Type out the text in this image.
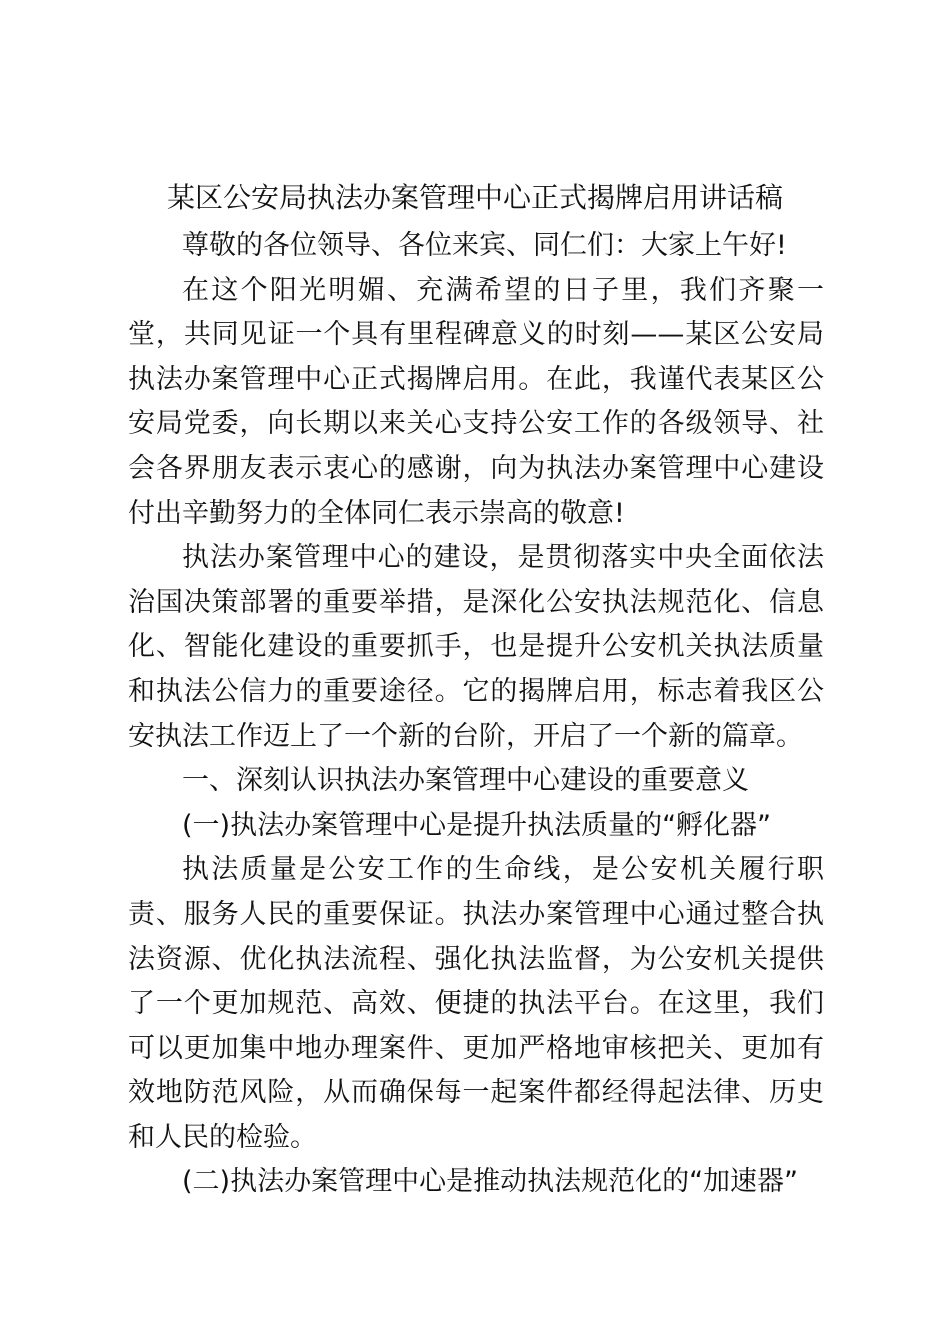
某区公安局执法办案管理中心正式揭牌启用讲话稿

尊敬的各位领导、各位来宾、同仁们：大家上午好!

在这个阳光明媚、充满希望的日子里，我们齐聚一堂，共同见证一个具有里程碑意义的时刻——某区公安局执法办案管理中心正式揭牌启用。在此，我谨代表某区公安局党委，向长期以来关心支持公安工作的各级领导、社会各界朋友表示衷心的感谢，向为执法办案管理中心建设付出辛勤努力的全体同仁表示崇高的敬意!

执法办案管理中心的建设，是贯彻落实中央全面依法治国决策部署的重要举措，是深化公安执法规范化、信息化、智能化建设的重要抓手，也是提升公安机关执法质量和执法公信力的重要途径。它的揭牌启用，标志着我区公安执法工作迈上了一个新的台阶，开启了一个新的篇章。

一、深刻认识执法办案管理中心建设的重要意义

(一)执法办案管理中心是提升执法质量的“孵化器”

执法质量是公安工作的生命线，是公安机关履行职责、服务人民的重要保证。执法办案管理中心通过整合执法资源、优化执法流程、强化执法监督，为公安机关提供了一个更加规范、高效、便捷的执法平台。在这里，我们可以更加集中地办理案件、更加严格地审核把关、更加有效地防范风险，从而确保每一起案件都经得起法律、历史和人民的检验。

(二)执法办案管理中心是推动执法规范化的“加速器”
